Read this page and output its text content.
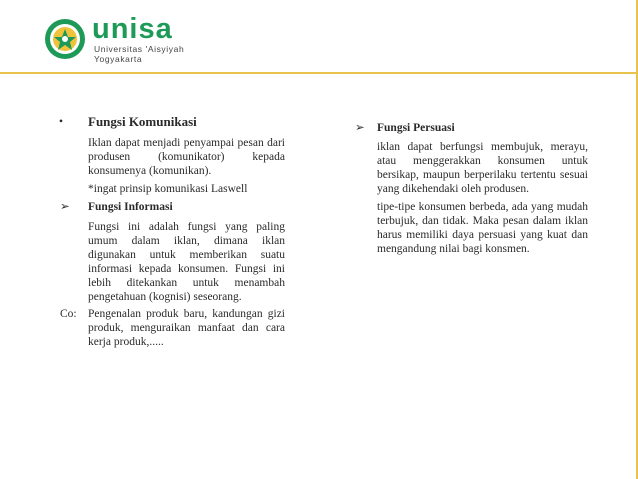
unisa
Universitas 'Aisyiyah
Yogyakarta
• Fungsi Komunikasi
Iklan dapat menjadi penyampai pesan dari produsen (komunikator) kepada konsumenya (komunikan).
*ingat prinsip komunikasi Laswell
➢ Fungsi Informasi
Fungsi ini adalah fungsi yang paling umum dalam iklan, dimana iklan digunakan untuk memberikan suatu informasi kepada konsumen. Fungsi ini lebih ditekankan untuk menambah pengetahuan (kognisi) seseorang.
Co: Pengenalan produk baru, kandungan gizi produk, menguraikan manfaat dan cara kerja produk,.....
➢ Fungsi Persuasi
iklan dapat berfungsi membujuk, merayu, atau menggerakkan konsumen untuk bersikap, maupun berperilaku tertentu sesuai yang dikehendaki oleh produsen.
tipe-tipe konsumen berbeda, ada yang mudah terbujuk, dan tidak. Maka pesan dalam iklan harus memiliki daya persuasi yang kuat dan mengandung nilai bagi konsmen.
